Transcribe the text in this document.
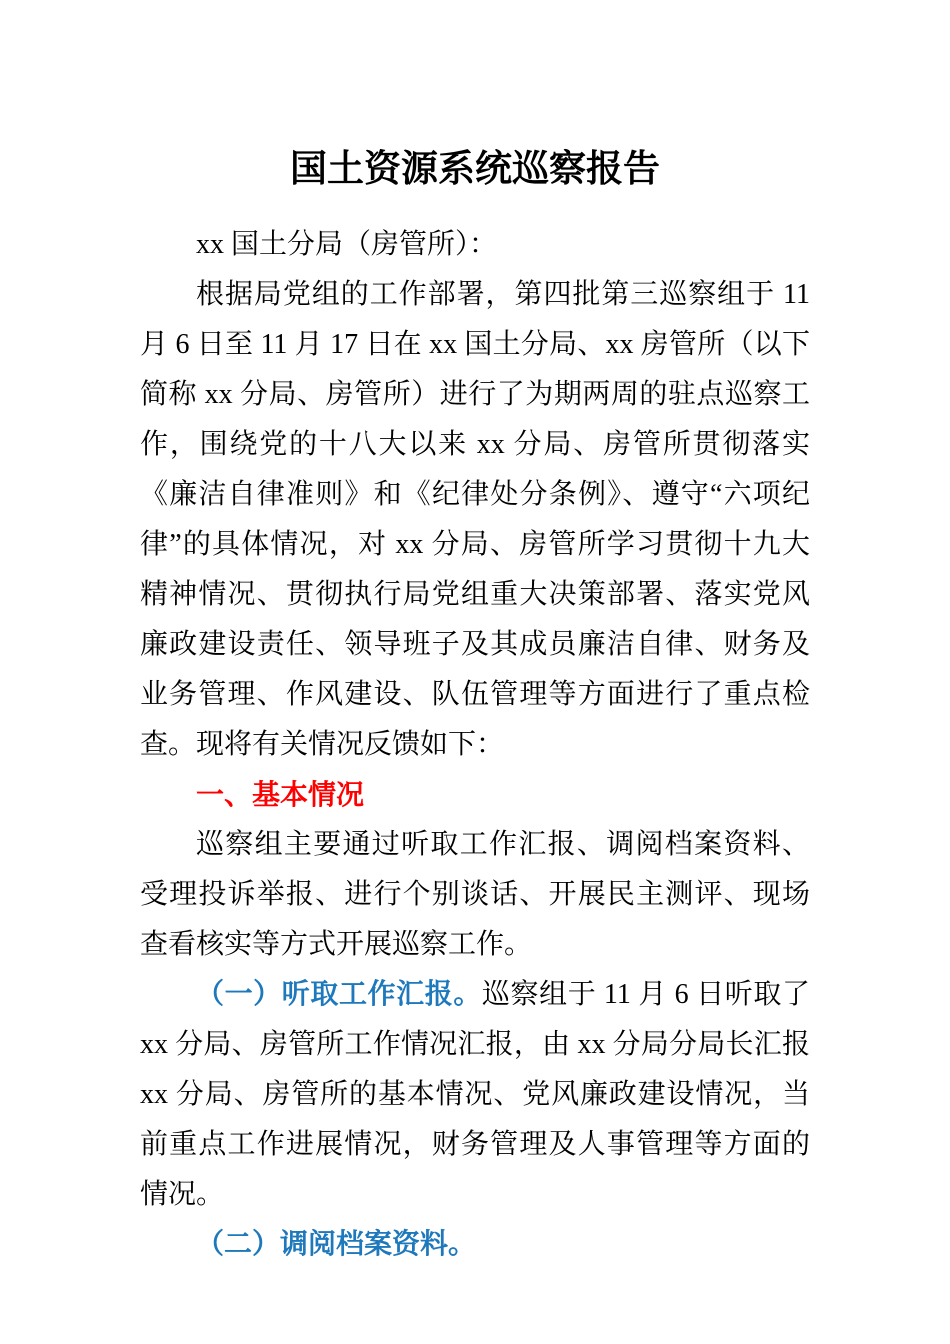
国土资源系统巡察报告

xx 国土分局（房管所）：

根据局党组的工作部署，第四批第三巡察组于 11 月 6 日至 11 月 17 日在 xx 国土分局、xx 房管所（以下简称 xx 分局、房管所）进行了为期两周的驻点巡察工作，围绕党的十八大以来 xx 分局、房管所贯彻落实《廉洁自律准则》和《纪律处分条例》、遵守“六项纪律”的具体情况，对 xx 分局、房管所学习贯彻十九大精神情况、贯彻执行局党组重大决策部署、落实党风廉政建设责任、领导班子及其成员廉洁自律、财务及业务管理、作风建设、队伍管理等方面进行了重点检查。现将有关情况反馈如下：

一、基本情况

巡察组主要通过听取工作汇报、调阅档案资料、受理投诉举报、进行个别谈话、开展民主测评、现场查看核实等方式开展巡察工作。

（一）听取工作汇报。巡察组于 11 月 6 日听取了 xx 分局、房管所工作情况汇报，由 xx 分局分局长汇报 xx 分局、房管所的基本情况、党风廉政建设情况，当前重点工作进展情况，财务管理及人事管理等方面的情况。

（二）调阅档案资料。
